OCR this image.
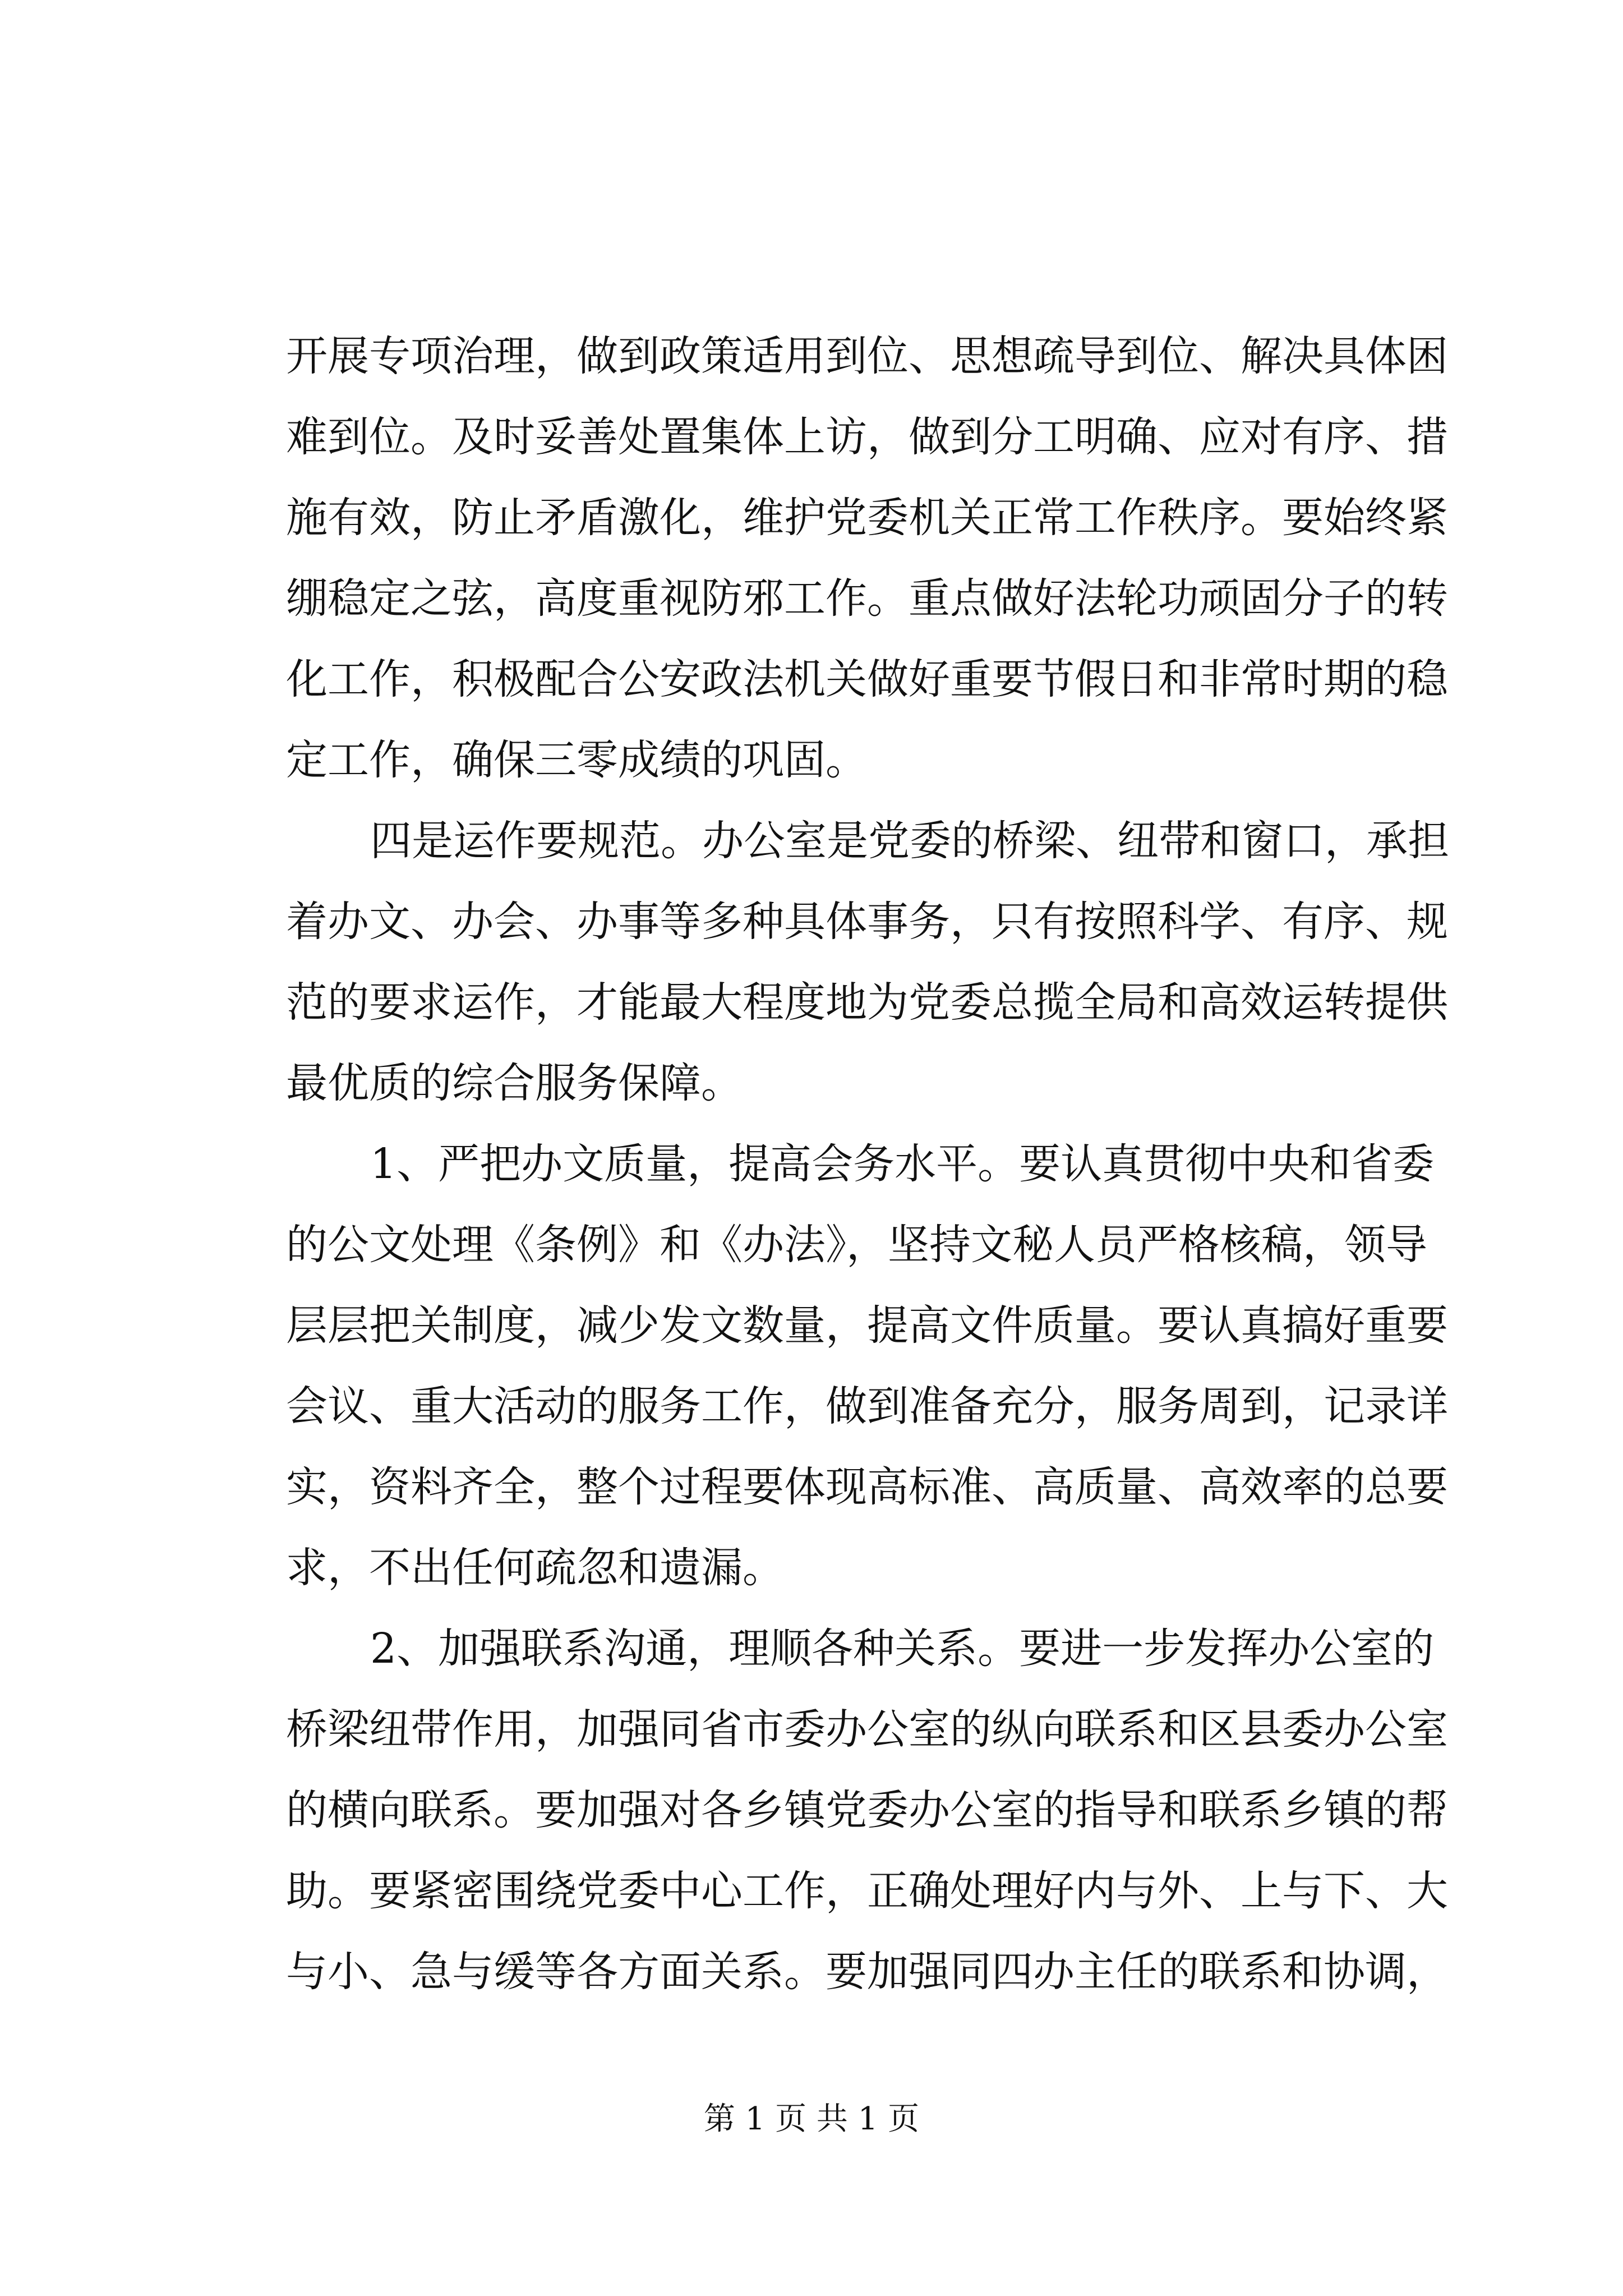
开展专项治理，做到政策适用到位、思想疏导到位、解决具体困
难到位。及时妥善处置集体上访，做到分工明确、应对有序、措
施有效，防止矛盾激化，维护党委机关正常工作秩序。要始终紧
绷稳定之弦，高度重视防邪工作。重点做好法轮功顽固分子的转
化工作，积极配合公安政法机关做好重要节假日和非常时期的稳
定工作，确保三零成绩的巩固。
四是运作要规范。办公室是党委的桥梁、纽带和窗口，承担
着办文、办会、办事等多种具体事务，只有按照科学、有序、规
范的要求运作，才能最大程度地为党委总揽全局和高效运转提供
最优质的综合服务保障。
1、严把办文质量，提高会务水平。要认真贯彻中央和省委
的公文处理《条例》和《办法》，坚持文秘人员严格核稿，领导
层层把关制度，减少发文数量，提高文件质量。要认真搞好重要
会议、重大活动的服务工作，做到准备充分，服务周到，记录详
实，资料齐全，整个过程要体现高标准、高质量、高效率的总要
求，不出任何疏忽和遗漏。
2、加强联系沟通，理顺各种关系。要进一步发挥办公室的
桥梁纽带作用，加强同省市委办公室的纵向联系和区县委办公室
的横向联系。要加强对各乡镇党委办公室的指导和联系乡镇的帮
助。要紧密围绕党委中心工作，正确处理好内与外、上与下、大
与小、急与缓等各方面关系。要加强同四办主任的联系和协调，
第 1 页 共 1 页
